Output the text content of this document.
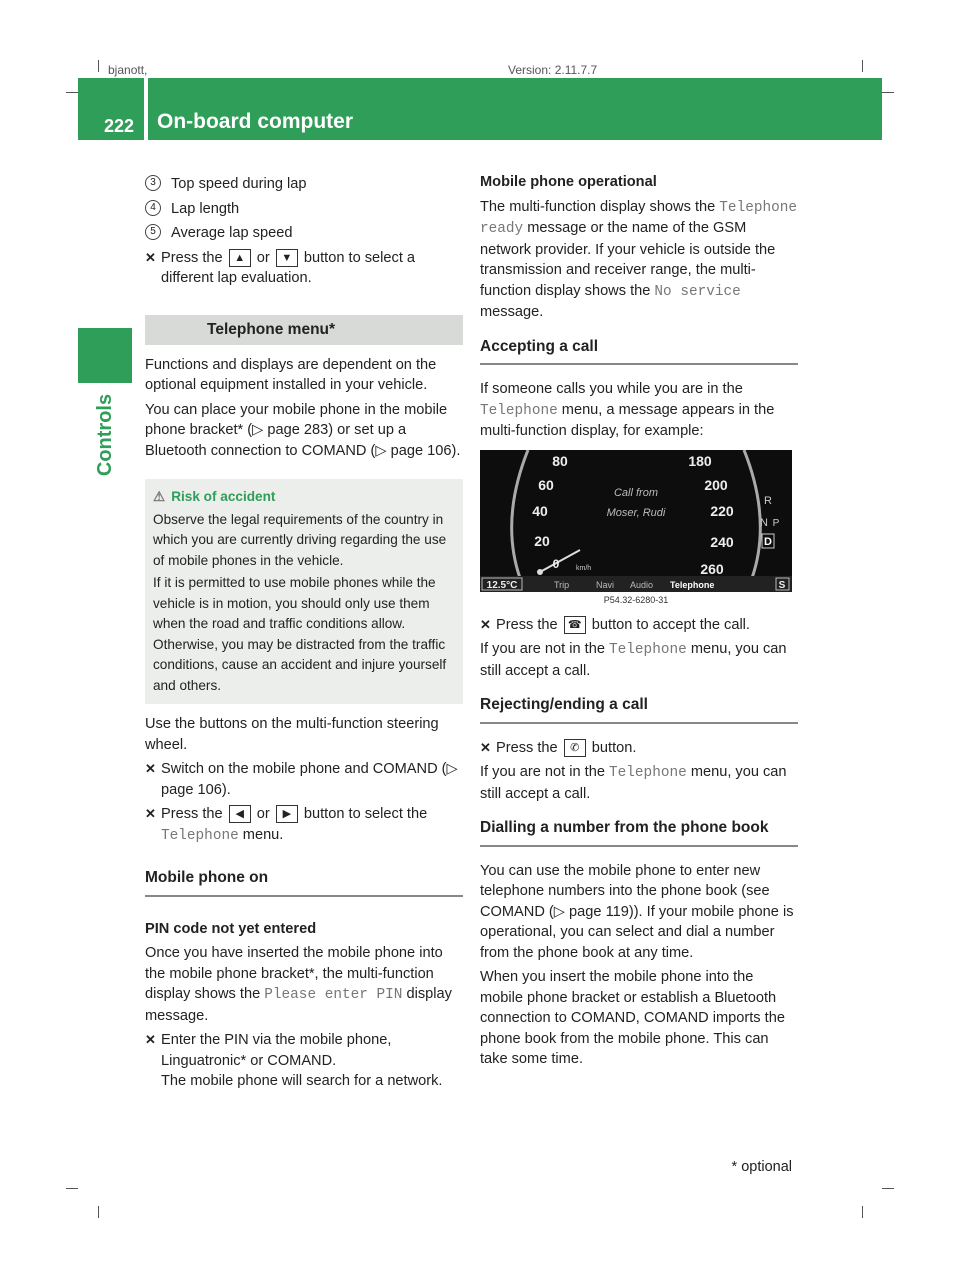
bjanott,	Version: 2.11.7.7
222 On-board computer
Controls
3	Top speed during lap
4	Lap length
5	Average lap speed
✕ Press the ▲ or ▼ button to select a different lap evaluation.
Telephone menu*

Functions and displays are dependent on the optional equipment installed in your vehicle.

You can place your mobile phone in the mobile phone bracket* (▷ page 283) or set up a Bluetooth connection to COMAND (▷ page 106).

⚠ Risk of accident

Observe the legal requirements of the country in which you are currently driving regarding the use of mobile phones in the vehicle.

If it is permitted to use mobile phones while the vehicle is in motion, you should only use them when the road and traffic conditions allow. Otherwise, you may be distracted from the traffic conditions, cause an accident and injure yourself and others.

Use the buttons on the multi-function steering wheel.

✕ Switch on the mobile phone and COMAND (▷ page 106).
✕ Press the ◀ or ▶ button to select the Telephone menu.
Mobile phone on
PIN code not yet entered

Once you have inserted the mobile phone into the mobile phone bracket*, the multi-function display shows the Please enter PIN display message.

✕ Enter the PIN via the mobile phone, Linguatronic* or COMAND.
The mobile phone will search for a network.
Mobile phone operational

The multi-function display shows the Telephone ready message or the name of the GSM network provider. If your vehicle is outside the transmission and receiver range, the multi-function display shows the No service message.

Accepting a call

If someone calls you while you are in the Telephone menu, a message appears in the multi-function display, for example:

P54.32-6280-31
80
60
40
20
0 km/h
180
200
220
240
260
Call from
Moser, Rudi
R
N P
D
12.5°C	Trip	Navi Audio Telephone	S
✕ Press the ☎ button to accept the call.

If you are not in the Telephone menu, you can still accept a call.

Rejecting/ending a call
✕ Press the ✆ button.

If you are not in the Telephone menu, you can still accept a call.

Dialling a number from the phone book

You can use the mobile phone to enter new telephone numbers into the phone book (see COMAND (▷ page 119)). If your mobile phone is operational, you can select and dial a number from the phone book at any time.

When you insert the mobile phone into the mobile phone bracket or establish a Bluetooth connection to COMAND, COMAND imports the phone book from the mobile phone. This can take some time.

* optional
